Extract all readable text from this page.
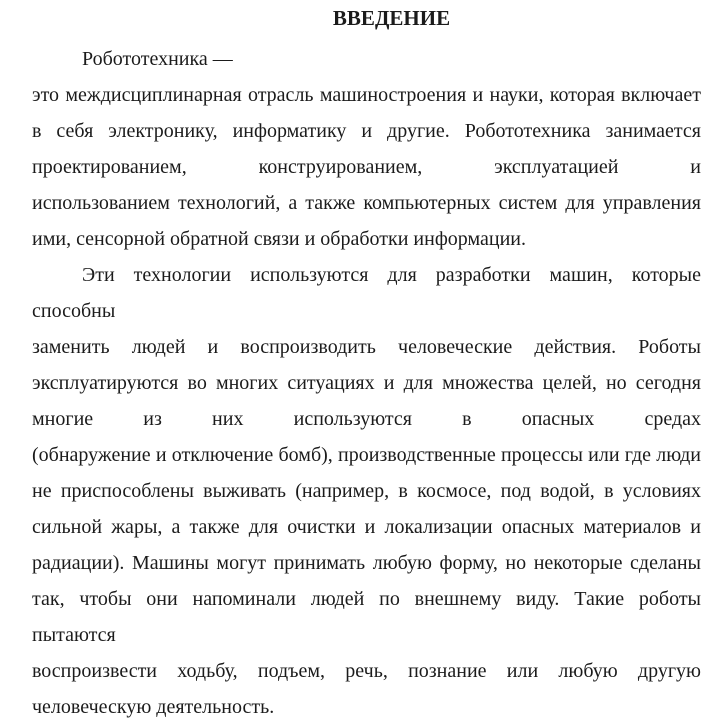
ВВЕДЕНИЕ
Робототехника —
это междисциплинарная отрасль машиностроения и науки, которая включает
в себя электронику, информатику и другие. Робототехника занимается
проектированием, конструированием, эксплуатацией и
использованием технологий, а также компьютерных систем для управления
ими, сенсорной обратной связи и обработки информации.
Эти технологии используются для разработки машин, которые способны
заменить людей и воспроизводить человеческие действия. Роботы
эксплуатируются во многих ситуациях и для множества целей, но сегодня
многие из них используются в опасных средах
(обнаружение и отключение бомб), производственные процессы или где люди
не приспособлены выживать (например, в космосе, под водой, в условиях
сильной жары, а также для очистки и локализации опасных материалов и
радиации). Машины могут принимать любую форму, но некоторые сделаны
так, чтобы они напоминали людей по внешнему виду. Такие роботы пытаются
воспроизвести ходьбу, подъем, речь, познание или любую другую
человеческую деятельность.
